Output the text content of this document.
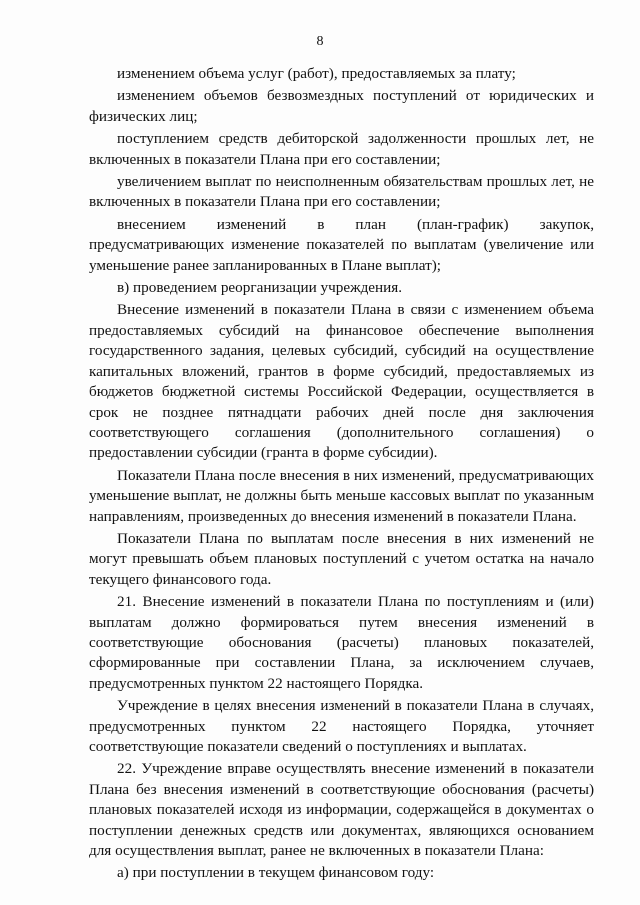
8

изменением объема услуг (работ), предоставляемых за плату;

изменением объемов безвозмездных поступлений от юридических и физических лиц;

поступлением средств дебиторской задолженности прошлых лет, не включенных в показатели Плана при его составлении;

увеличением выплат по неисполненным обязательствам прошлых лет, не включенных в показатели Плана при его составлении;

внесением изменений в план (план-график) закупок, предусматривающих изменение показателей по выплатам (увеличение или уменьшение ранее запланированных в Плане выплат);

в) проведением реорганизации учреждения.

Внесение изменений в показатели Плана в связи с изменением объема предоставляемых субсидий на финансовое обеспечение выполнения государственного задания, целевых субсидий, субсидий на осуществление капитальных вложений, грантов в форме субсидий, предоставляемых из бюджетов бюджетной системы Российской Федерации, осуществляется в срок не позднее пятнадцати рабочих дней после дня заключения соответствующего соглашения (дополнительного соглашения) о предоставлении субсидии (гранта в форме субсидии).

Показатели Плана после внесения в них изменений, предусматривающих уменьшение выплат, не должны быть меньше кассовых выплат по указанным направлениям, произведенных до внесения изменений в показатели Плана.

Показатели Плана по выплатам после внесения в них изменений не могут превышать объем плановых поступлений с учетом остатка на начало текущего финансового года.

21. Внесение изменений в показатели Плана по поступлениям и (или) выплатам должно формироваться путем внесения изменений в соответствующие обоснования (расчеты) плановых показателей, сформированные при составлении Плана, за исключением случаев, предусмотренных пунктом 22 настоящего Порядка.

Учреждение в целях внесения изменений в показатели Плана в случаях, предусмотренных пунктом 22 настоящего Порядка, уточняет соответствующие показатели сведений о поступлениях и выплатах.

22. Учреждение вправе осуществлять внесение изменений в показатели Плана без внесения изменений в соответствующие обоснования (расчеты) плановых показателей исходя из информации, содержащейся в документах о поступлении денежных средств или документах, являющихся основанием для осуществления выплат, ранее не включенных в показатели Плана:

а) при поступлении в текущем финансовом году:
